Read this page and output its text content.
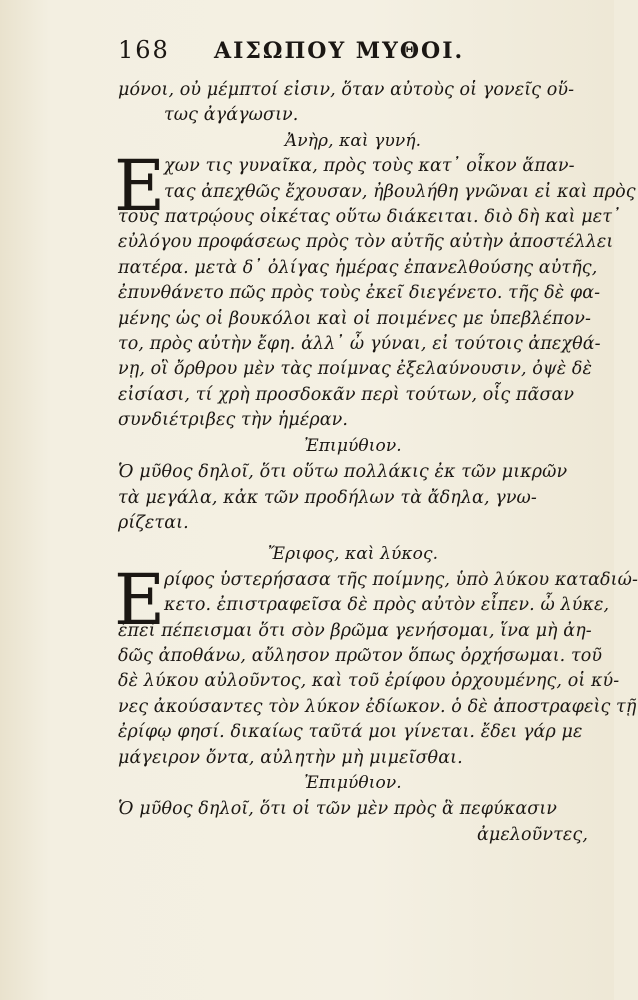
168	ΑΙΣΩΠΟΥ ΜΥΘΟΙ.
μόνοι, οὐ μέμπτοί εἰσιν, ὅταν αὐτοὺς οἱ γονεῖς οὕ-
τως ἀγάγωσιν.
Ἀνὴρ, καὶ γυνή.
Ε
χων τις γυναῖκα, πρὸς τοὺς κατ᾽ οἶκον ἅπαν-
τας ἀπεχθῶς ἔχουσαν, ἠβουλήθη γνῶναι εἰ καὶ πρὸς
τοὺς πατρῴους οἰκέτας οὕτω διάκειται. διὸ δὴ καὶ μετ᾽
εὐλόγου προφάσεως πρὸς τὸν αὐτῆς αὐτὴν ἀποστέλλει
πατέρα. μετὰ δ᾽ ὀλίγας ἡμέρας ἐπανελθούσης αὐτῆς,
ἐπυνθάνετο πῶς πρὸς τοὺς ἐκεῖ διεγένετο. τῆς δὲ φα-
μένης ὡς οἱ βουκόλοι καὶ οἱ ποιμένες με ὑπεβλέπον-
το, πρὸς αὐτὴν ἔφη. ἀλλ᾽ ὦ γύναι, εἰ τούτοις ἀπεχθά-
νῃ, οἳ ὄρθρου μὲν τὰς ποίμνας ἐξελαύνουσιν, ὀψὲ δὲ
εἰσίασι, τί χρὴ προσδοκᾶν περὶ τούτων, οἷς πᾶσαν
συνδιέτριβες τὴν ἡμέραν.
Ἐπιμύθιον.
Ὁ μῦθος δηλοῖ, ὅτι οὕτω πολλάκις ἐκ τῶν μικρῶν
τὰ μεγάλα, κἀκ τῶν προδήλων τὰ ἄδηλα, γνω-
ρίζεται.
Ἔριφος, καὶ λύκος.
Ε
ρίφος ὑστερήσασα τῆς ποίμνης, ὑπὸ λύκου καταδιώ-
κετο. ἐπιστραφεῖσα δὲ πρὸς αὐτὸν εἶπεν. ὦ λύκε,
ἐπεὶ πέπεισμαι ὅτι σὸν βρῶμα γενήσομαι, ἵνα μὴ ἀη-
δῶς ἀποθάνω, αὔλησον πρῶτον ὅπως ὀρχήσωμαι. τοῦ
δὲ λύκου αὐλοῦντος, καὶ τοῦ ἐρίφου ὀρχουμένης, οἱ κύ-
νες ἀκούσαντες τὸν λύκον ἐδίωκον. ὁ δὲ ἀποστραφεὶς τῇ
ἐρίφῳ φησί. δικαίως ταῦτά μοι γίνεται. ἔδει γάρ με
μάγειρον ὄντα, αὐλητὴν μὴ μιμεῖσθαι.
Ἐπιμύθιον.
Ὁ μῦθος δηλοῖ, ὅτι οἱ τῶν μὲν πρὸς ἃ πεφύκασιν
ἀμελοῦντες,
